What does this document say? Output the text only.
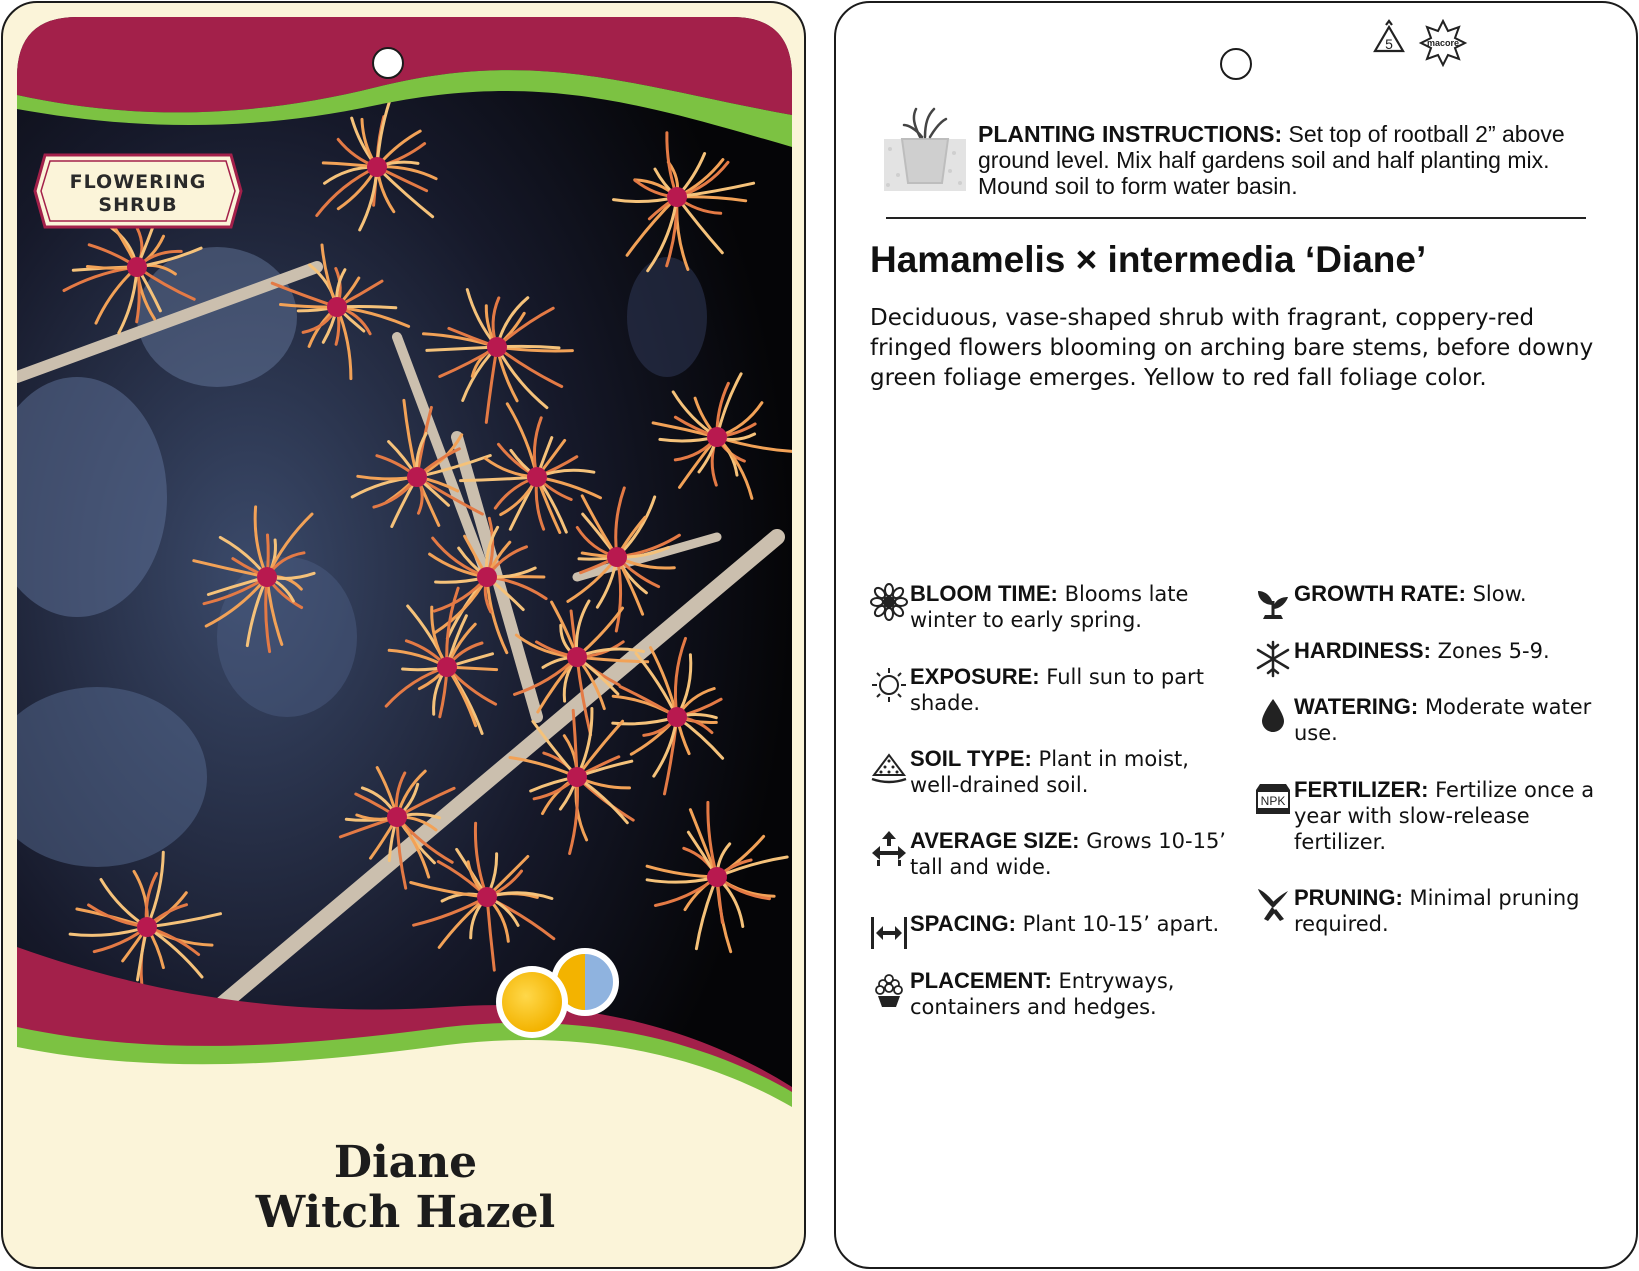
FLOWERING
SHRUB
Diane
Witch Hazel
5	macore
PLANTING INSTRUCTIONS: Set top of rootball 2” above ground level. Mix half gardens soil and half planting mix. Mound soil to form water basin.
Hamamelis × intermedia ‘Diane’
Deciduous, vase-shaped shrub with fragrant, coppery-red fringed flowers blooming on arching bare stems, before downy green foliage emerges. Yellow to red fall foliage color.
BLOOM TIME: Blooms late winter to early spring.
EXPOSURE: Full sun to part shade.
SOIL TYPE: Plant in moist, well-drained soil.
AVERAGE SIZE: Grows 10-15’ tall and wide.
SPACING: Plant 10-15’ apart.
PLACEMENT: Entryways, containers and hedges.
GROWTH RATE: Slow.
HARDINESS: Zones 5-9.
WATERING: Moderate water use.
NPK FERTILIZER: Fertilize once a year with slow-release fertilizer.
PRUNING: Minimal pruning required.
